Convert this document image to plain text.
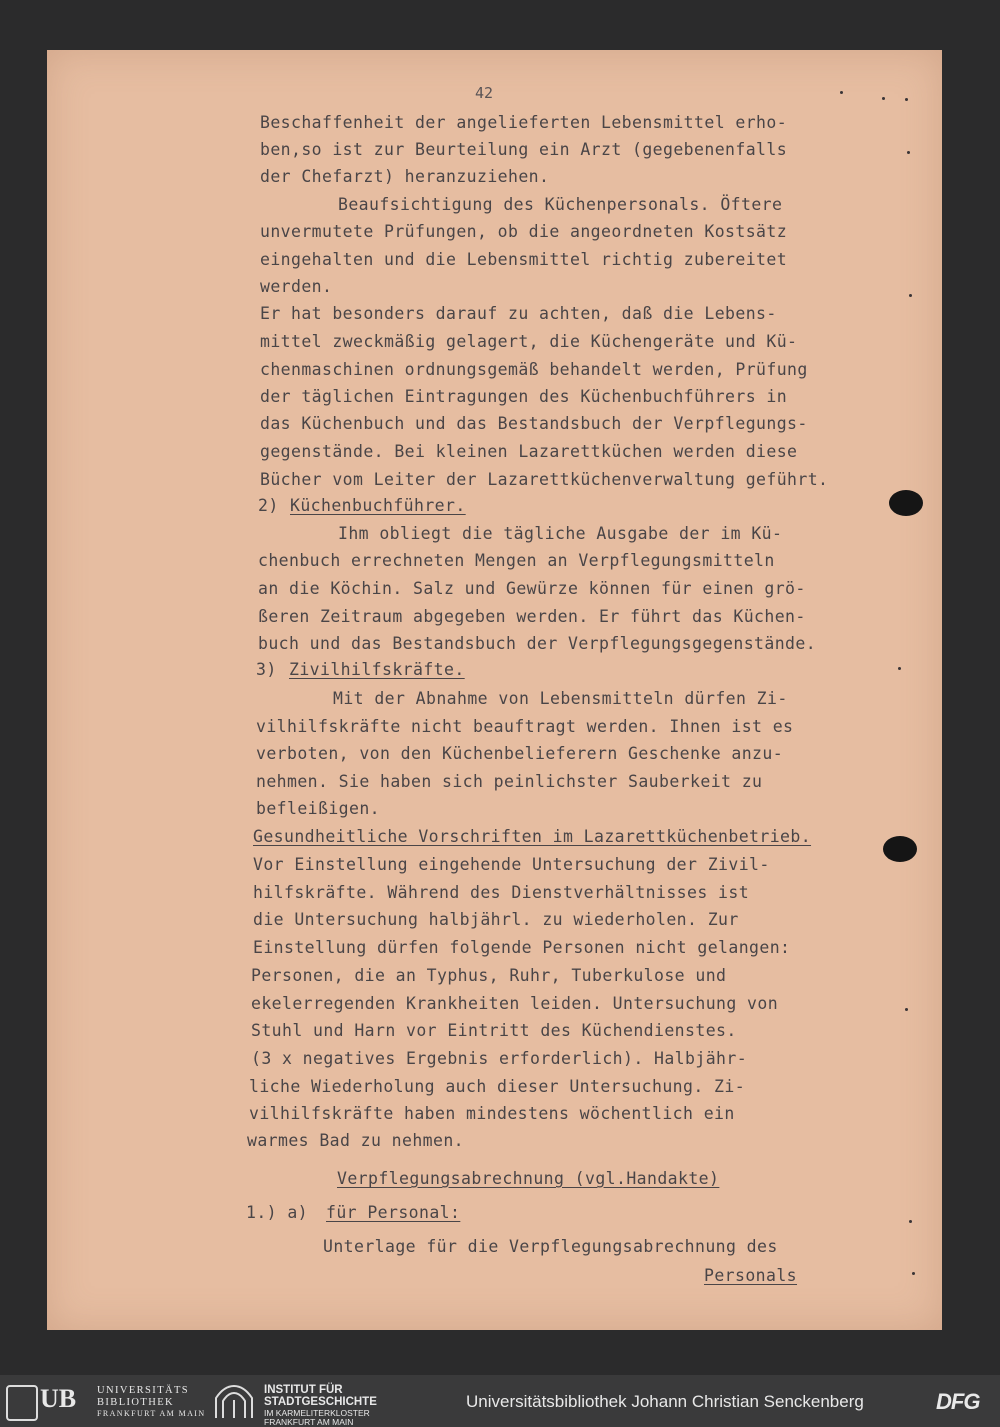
42
Beschaffenheit der angelieferten Lebensmittel erho-
ben,so ist zur Beurteilung ein Arzt (gegebenenfalls
der Chefarzt) heranzuziehen.
Beaufsichtigung des Küchenpersonals. Öftere
unvermutete Prüfungen, ob die angeordneten Kostsätz
eingehalten und die Lebensmittel richtig zubereitet
werden.
Er hat besonders darauf zu achten, daß die Lebens-
mittel zweckmäßig gelagert, die Küchengeräte und Kü-
chenmaschinen ordnungsgemäß behandelt werden, Prüfung
der täglichen Eintragungen des Küchenbuchführers in
das Küchenbuch und das Bestandsbuch der Verpflegungs-
gegenstände. Bei kleinen Lazarettküchen werden diese
Bücher vom Leiter der Lazarettküchenverwaltung geführt.
2) Küchenbuchführer.
Ihm obliegt die tägliche Ausgabe der im Kü-
chenbuch errechneten Mengen an Verpflegungsmitteln
an die Köchin. Salz und Gewürze können für einen grö-
ßeren Zeitraum abgegeben werden. Er führt das Küchen-
buch und das Bestandsbuch der Verpflegungsgegenstände.
3) Zivilhilfskräfte.
Mit der Abnahme von Lebensmitteln dürfen Zi-
vilhilfskräfte nicht beauftragt werden. Ihnen ist es
verboten, von den Küchenbelieferern Geschenke anzu-
nehmen. Sie haben sich peinlichster Sauberkeit zu
befleißigen.
Gesundheitliche Vorschriften im Lazarettküchenbetrieb.
Vor Einstellung eingehende Untersuchung der Zivil-
hilfskräfte. Während des Dienstverhältnisses ist
die Untersuchung halbjährl. zu wiederholen. Zur
Einstellung dürfen folgende Personen nicht gelangen:
Personen, die an Typhus, Ruhr, Tuberkulose und
ekelerregenden Krankheiten leiden. Untersuchung von
Stuhl und Harn vor Eintritt des Küchendienstes.
(3 x negatives Ergebnis erforderlich). Halbjähr-
liche Wiederholung auch dieser Untersuchung. Zi-
vilhilfskräfte haben mindestens wöchentlich ein
warmes Bad zu nehmen.
Verpflegungsabrechnung (vgl.Handakte)
1.) a) für Personal:
Unterlage für die Verpflegungsabrechnung des
Personals
UB UNIVERSITÄTS
BIBLIOTHEK
FRANKFURT AM MAIN
INSTITUT FÜR
STADTGESCHICHTE
IM KARMELITERKLOSTER
FRANKFURT AM MAIN
Universitätsbibliothek Johann Christian Senckenberg	DFG
